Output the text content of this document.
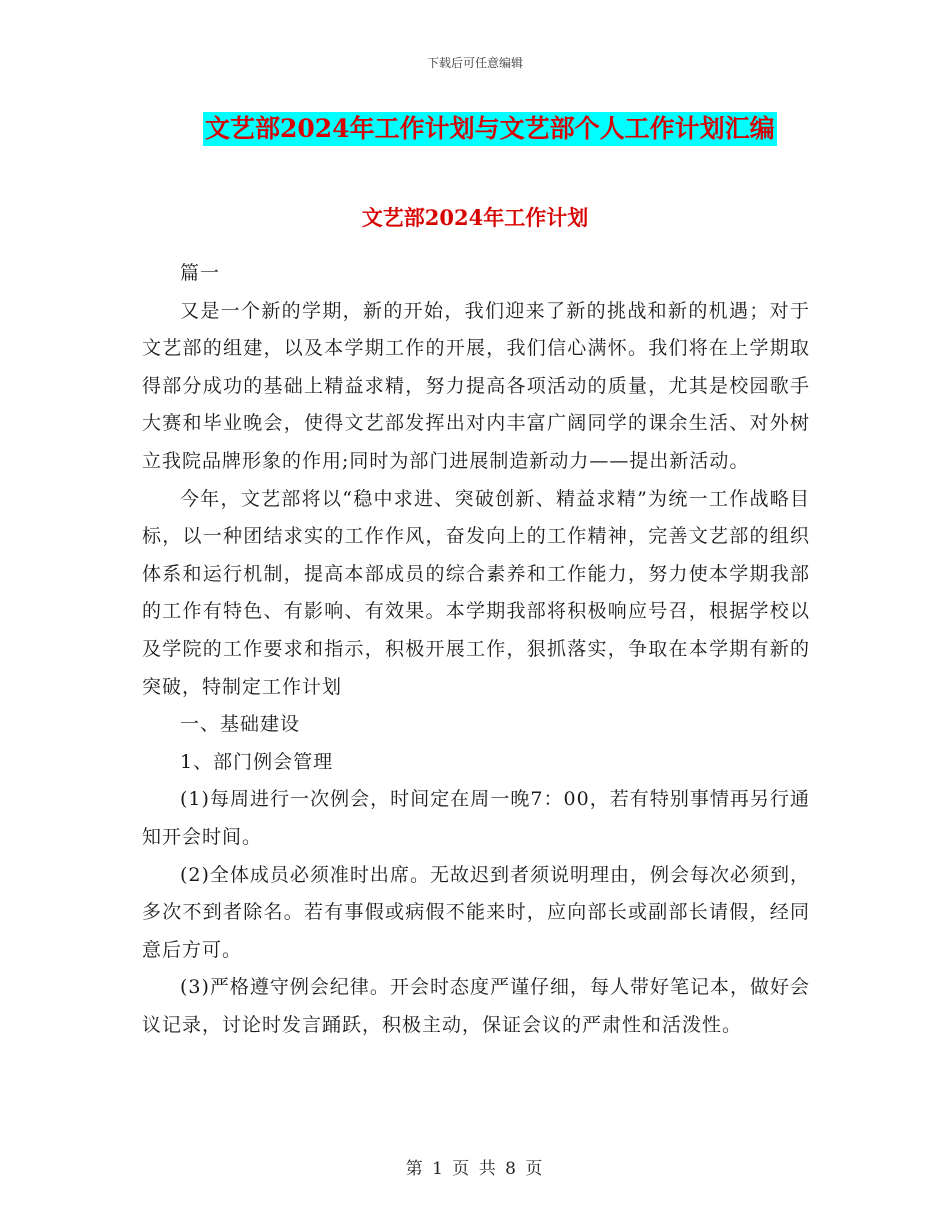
下载后可任意编辑
文艺部2024年工作计划与文艺部个人工作计划汇编
文艺部2024年工作计划

篇一

又是一个新的学期，新的开始，我们迎来了新的挑战和新的机遇；对于文艺部的组建，以及本学期工作的开展，我们信心满怀。我们将在上学期取得部分成功的基础上精益求精，努力提高各项活动的质量，尤其是校园歌手大赛和毕业晚会，使得文艺部发挥出对内丰富广阔同学的课余生活、对外树立我院品牌形象的作用;同时为部门进展制造新动力——提出新活动。

今年，文艺部将以“稳中求进、突破创新、精益求精”为统一工作战略目标，以一种团结求实的工作作风，奋发向上的工作精神，完善文艺部的组织体系和运行机制，提高本部成员的综合素养和工作能力，努力使本学期我部的工作有特色、有影响、有效果。本学期我部将积极响应号召，根据学校以及学院的工作要求和指示，积极开展工作，狠抓落实，争取在本学期有新的突破，特制定工作计划

一、基础建设

1、部门例会管理

(1)每周进行一次例会，时间定在周一晚7：00，若有特别事情再另行通知开会时间。

(2)全体成员必须准时出席。无故迟到者须说明理由，例会每次必须到，多次不到者除名。若有事假或病假不能来时，应向部长或副部长请假，经同意后方可。

(3)严格遵守例会纪律。开会时态度严谨仔细，每人带好笔记本，做好会议记录，讨论时发言踊跃，积极主动，保证会议的严肃性和活泼性。

第 1 页 共 8 页
